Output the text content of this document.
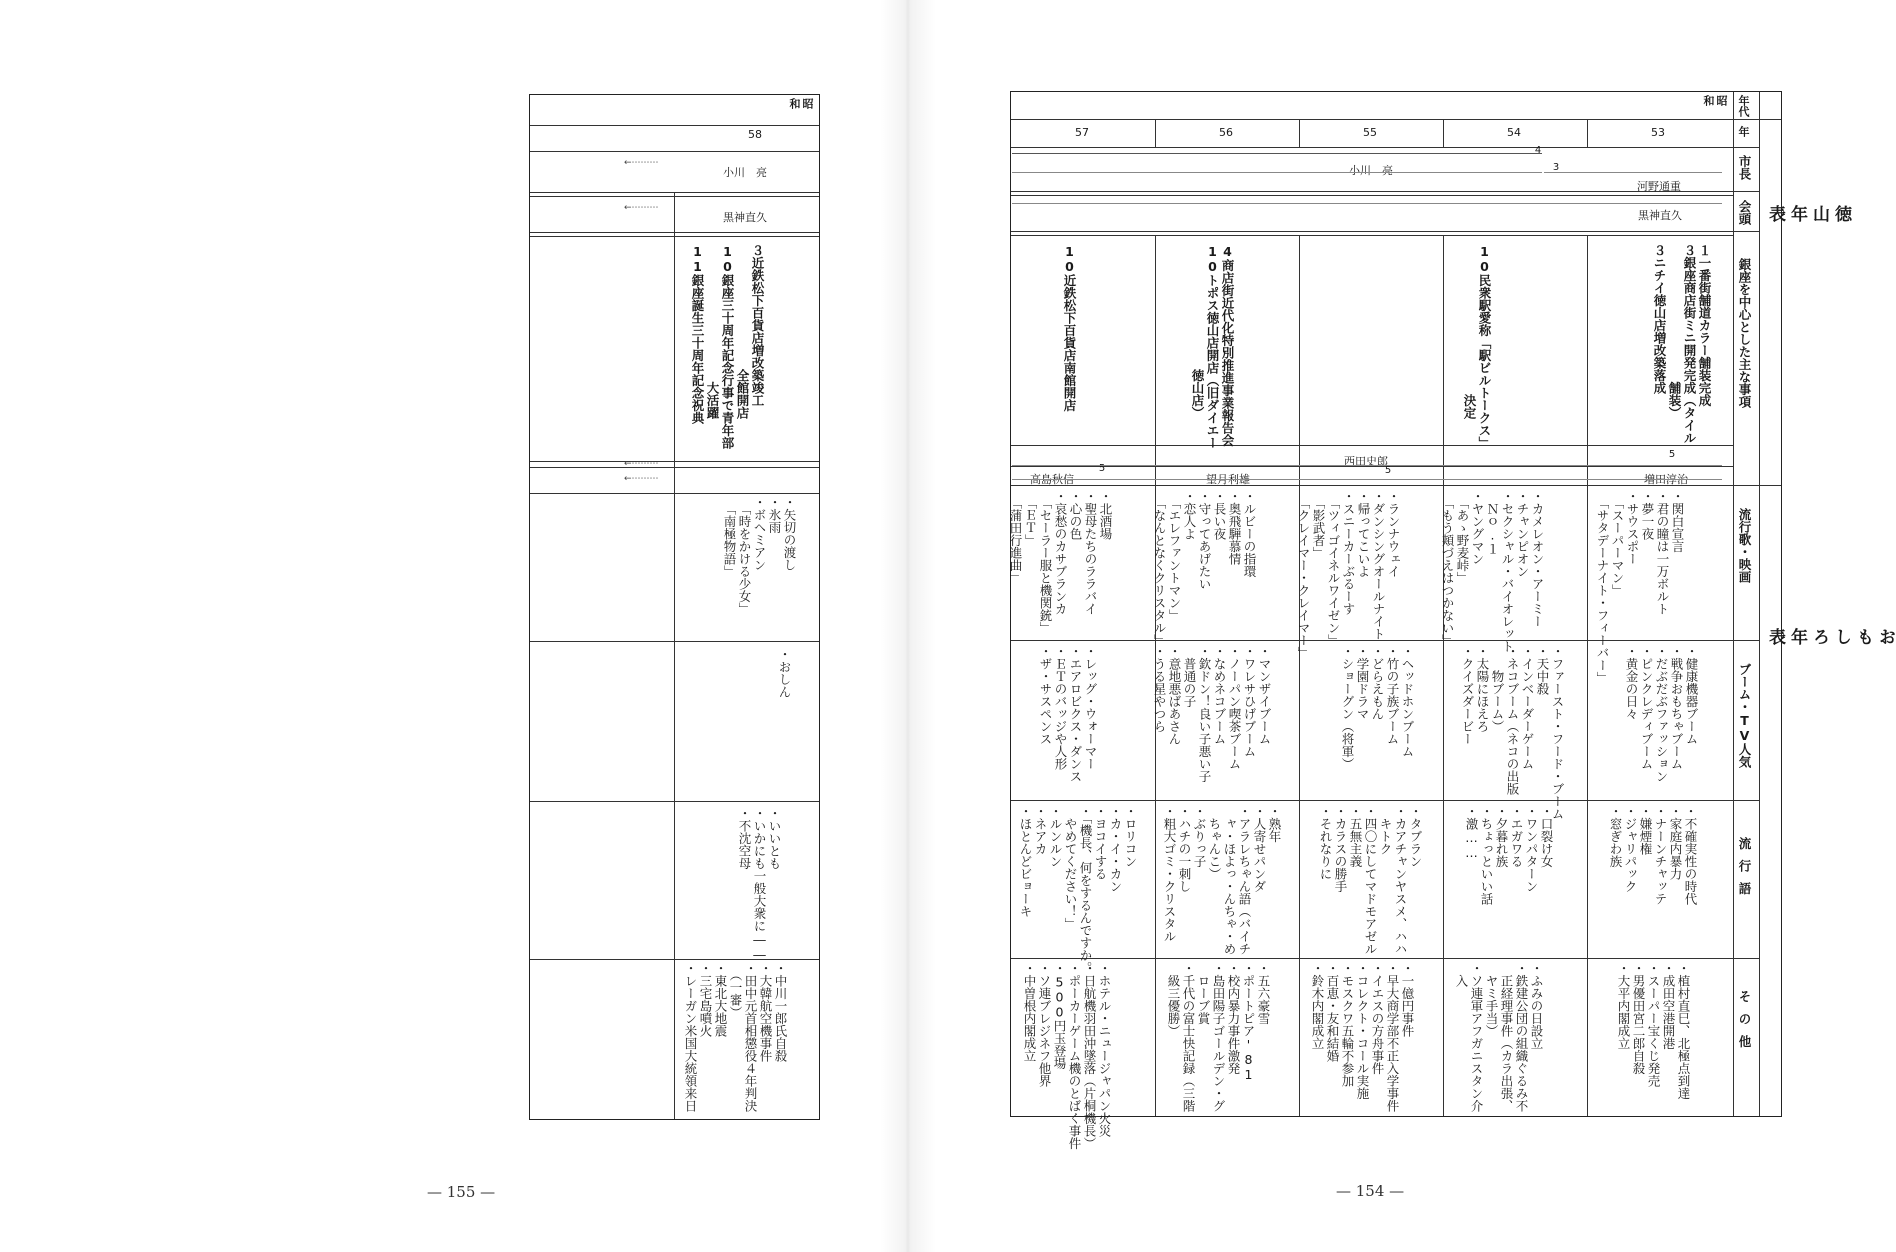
昭
和
58
小川　亮
←⋯⋯⋯
黒神直久
←⋯⋯⋯
←⋯⋯⋯
←⋯⋯⋯
３近鉄松下百貨店増改築竣工
　　　　　　　　　　全館開店
10銀座三十周年記念行事で青年部
　　　　　　　　　　　大活躍
11銀座誕生三十周年記念祝典
・矢切の渡し
・氷雨
・ボヘミアン
　「時をかける少女」
　「南極物語」
・おしん
・いいとも
・いかにも一般大衆に――
・不沈空母
・中川一郎氏自殺
・大韓航空機事件
・田中元首相懲役４年判決
　（一審）
・東北大地震
・三宅島噴火
・レーガン米国大統領来日
— 155 —
昭
和
53
54
55
56
57
年代
年
市長
会頭
銀座を中心とした主な事項
流行歌・映画
ブーム・TV人気
流行語
その他
徳
山
年
表
お
も
し
ろ
年
表
4
3
小川　亮
河野通重
黒神直久
5
増田淳治
西田史郎
5
望月利雄
5
高島秋信
１一番街舗道カラー舗装完成
３銀座商店街ミニ開発完成（タイル
　　　　　　　　　　　舗装）
３ニチイ徳山店増改築落成
10民衆駅愛称「駅ビルトークス」
　　　　　　　　　　　　決定
4商店街近代化特別推進事業報告会
10トポス徳山店開店（旧ダイエー
　　　　　　　　　　徳山店）
10近鉄松下百貨店南館開店
・関白宣言
・君の瞳は一万ボルト
・夢一夜
・サウスポー
　「スーパーマン」
　「サタデーナイト・フィーバー」
・カメレオン・アーミー
・チャンピオン
・セクシャル・バイオレット
　Ｎｏ.１
・ヤングマン
　「あゝ野麦峠」
　「もう頬づえはつかない」
・ランナウェイ
・ダンシングオールナイト
・帰ってこいよ
・スニーカーぶるーす
　「ツィゴイネルワイゼン」
　「影武者」
　「クレイマー・クレイマー」
・ルビーの指環
・奥飛騨慕情
・長い夜
・守ってあげたい
・恋人よ
　「エレファントマン」
　「なんとなくクリスタル」
・北酒場
・聖母たちのララバイ
・心の色
・哀愁のカサブランカ
　「セーラー服と機関銃」
　「ＥＴ」
　「蒲田行進曲」
・健康機器ブーム
・戦争おもちゃブーム
・だぶだぶファッション
・ピンクレディブーム
・黄金の日々
・ファースト・フード・ブーム
・天中殺
・インベーダーゲーム
・ネコブーム（ネコの出版
　　物ブーム）
・太陽にほえろ
・クイズダービー
・ヘッドホンブーム
・竹の子族ブーム
・どらえもん
・学園ドラマ
・ショーグン（将軍）
・マンザイブーム
・ワレサひげブーム
・ノーパン喫茶ブーム
・なめネコブーム
・欽ドン！良い子悪い子
　普通の子
・意地悪ばあさん
・うる星やつら
・レッグ・ウォーマー
・エアロビクス・ダンス
・ＥＴのバッジや人形
・ザ・サスペンス
・不確実性の時代
・家庭内暴力
・ナーンチャッテ
・嫌煙権
・ジャリパック
・窓ぎわ族
・口裂け女
・ワンパターン
・エガワる
・夕暮れ族
・ちょっといい話
・激……
・タブラン
・カアチャンヤスメ、ハハ
　キトク
・四〇にしてマドモアゼル
・五無主義
・カラスの勝手
・それなりに
・熟年
・人寄せパンダ
・アラレちゃん語（バイチ
　ャ・ほよっ・んちゃ・め
　ちゃんこ）
・ぶりっ子
・ハチの一刺し
・粗大ゴミ・クリスタル
・ロリコン
・カ・イ・カン
・ヨコイする
・「機長、何をするんですか。
　やめてください！」
・ルンルン
・ネアカ
・ほとんどビョーキ
・植村直巳、北極点到達
・成田空港開港
・スーパー宝くじ発売
・男優田宮二郎自殺
・大平内閣成立
・ふみの日設立
・鉄建公団の組織ぐるみ不
　正経理事件（カラ出張、
　ヤミ手当）
・ソ連軍アフガニスタン介
　入
・一億円事件
・早大商学部不正入学事件
・イエスの方舟事件
・コレクト・コール実施
・モスクワ五輪不参加
・百恵・友和結婚
・鈴木内閣成立
・五六豪雪
・ポートピア'81
・校内暴力事件激発
・島田陽子ゴールデン・グ
　ローブ賞
・千代の富士快記録（三階
　級三優勝）
・ホテル・ニュージャパン火災
・日航機羽田沖墜落（片桐機長）
・ポーカーゲーム機のとばく事件
・500円玉登場
・ソ連ブレジネフ他界
・中曽根内閣成立
— 154 —
